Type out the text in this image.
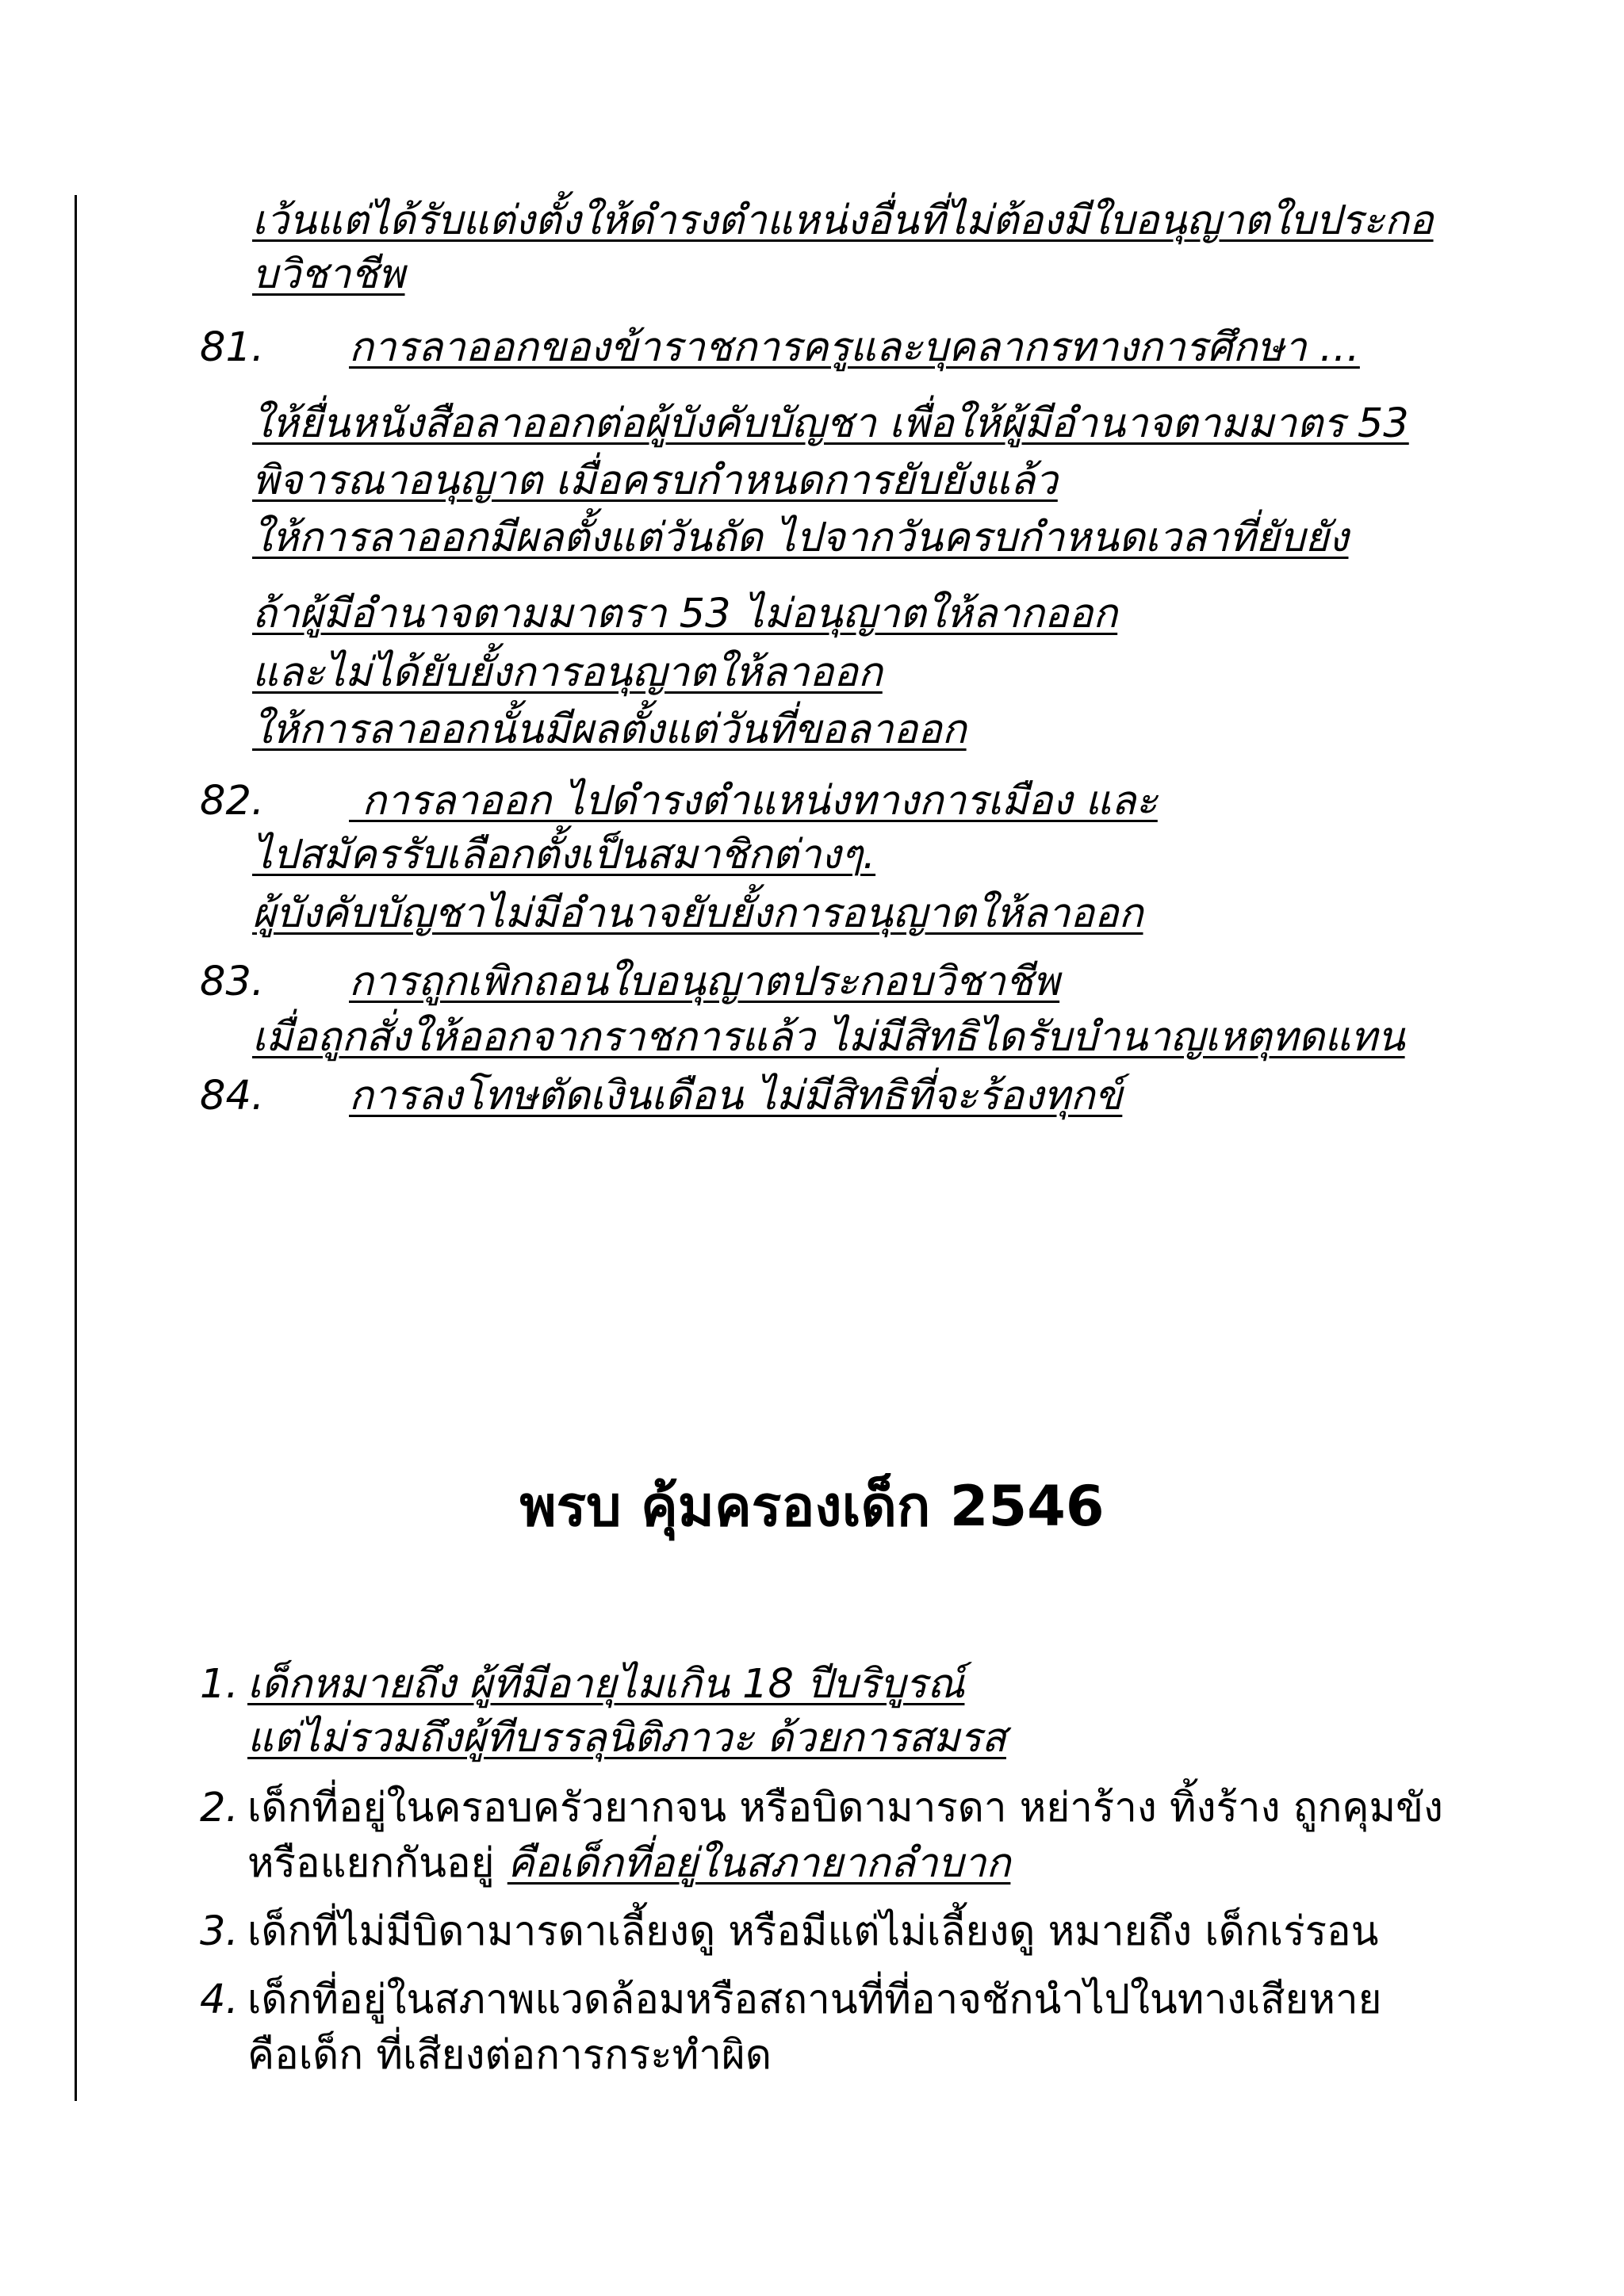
เว้นแต่ได้รับแต่งตั้งให้ดำรงตำแหน่งอื่นที่ไม่ต้องมีใบอนุญาตใบประกอ
บวิชาชีพ
81. การลาออกของข้าราชการครูและบุคลากรทางการศึกษา …
ให้ยื่นหนังสือลาออกต่อผู้บังคับบัญชา เพื่อให้ผู้มีอำนาจตามมาตร 53
พิจารณาอนุญาต เมื่อครบกำหนดการยับยังแล้ว
ให้การลาออกมีผลตั้งแต่วันถัด ไปจากวันครบกำหนดเวลาที่ยับยัง
ถ้าผู้มีอำนาจตามมาตรา 53 ไม่อนุญาตให้ลากออก
และไม่ได้ยับยั้งการอนุญาตให้ลาออก
ให้การลาออกนั้นมีผลตั้งแต่วันที่ขอลาออก
82. การลาออก ไปดำรงตำแหน่งทางการเมือง และ
ไปสมัครรับเลือกตั้งเป็นสมาชิกต่างๆ.
ผู้บังคับบัญชาไม่มีอำนาจยับยั้งการอนุญาตให้ลาออก
83. การถูกเพิกถอนใบอนุญาตประกอบวิชาชีพ
เมื่อถูกสั่งให้ออกจากราชการแล้ว ไม่มีสิทธิไดรับบำนาญเหตุทดแทน
84. การลงโทษตัดเงินเดือน ไม่มีสิทธิที่จะร้องทุกข์
พรบ คุ้มครองเด็ก 2546
1. เด็กหมายถึง ผู้ทีมีอายุไมเกิน 18 ปีบริบูรณ์
แต่ไม่รวมถึงผู้ทีบรรลุนิติภาวะ ด้วยการสมรส
2. เด็กที่อยู่ในครอบครัวยากจน หรือบิดามารดา หย่าร้าง ทิ้งร้าง ถูกคุมขัง
หรือแยกกันอยู่ คือเด็กที่อยู่ในสภายากลำบาก
3. เด็กที่ไม่มีบิดามารดาเลี้ยงดู หรือมีแต่ไม่เลี้ยงดู หมายถึง เด็กเร่รอน
4. เด็กที่อยู่ในสภาพแวดล้อมหรือสถานที่ที่อาจชักนำไปในทางเสียหาย
คือเด็ก ที่เสียงต่อการกระทำผิด
